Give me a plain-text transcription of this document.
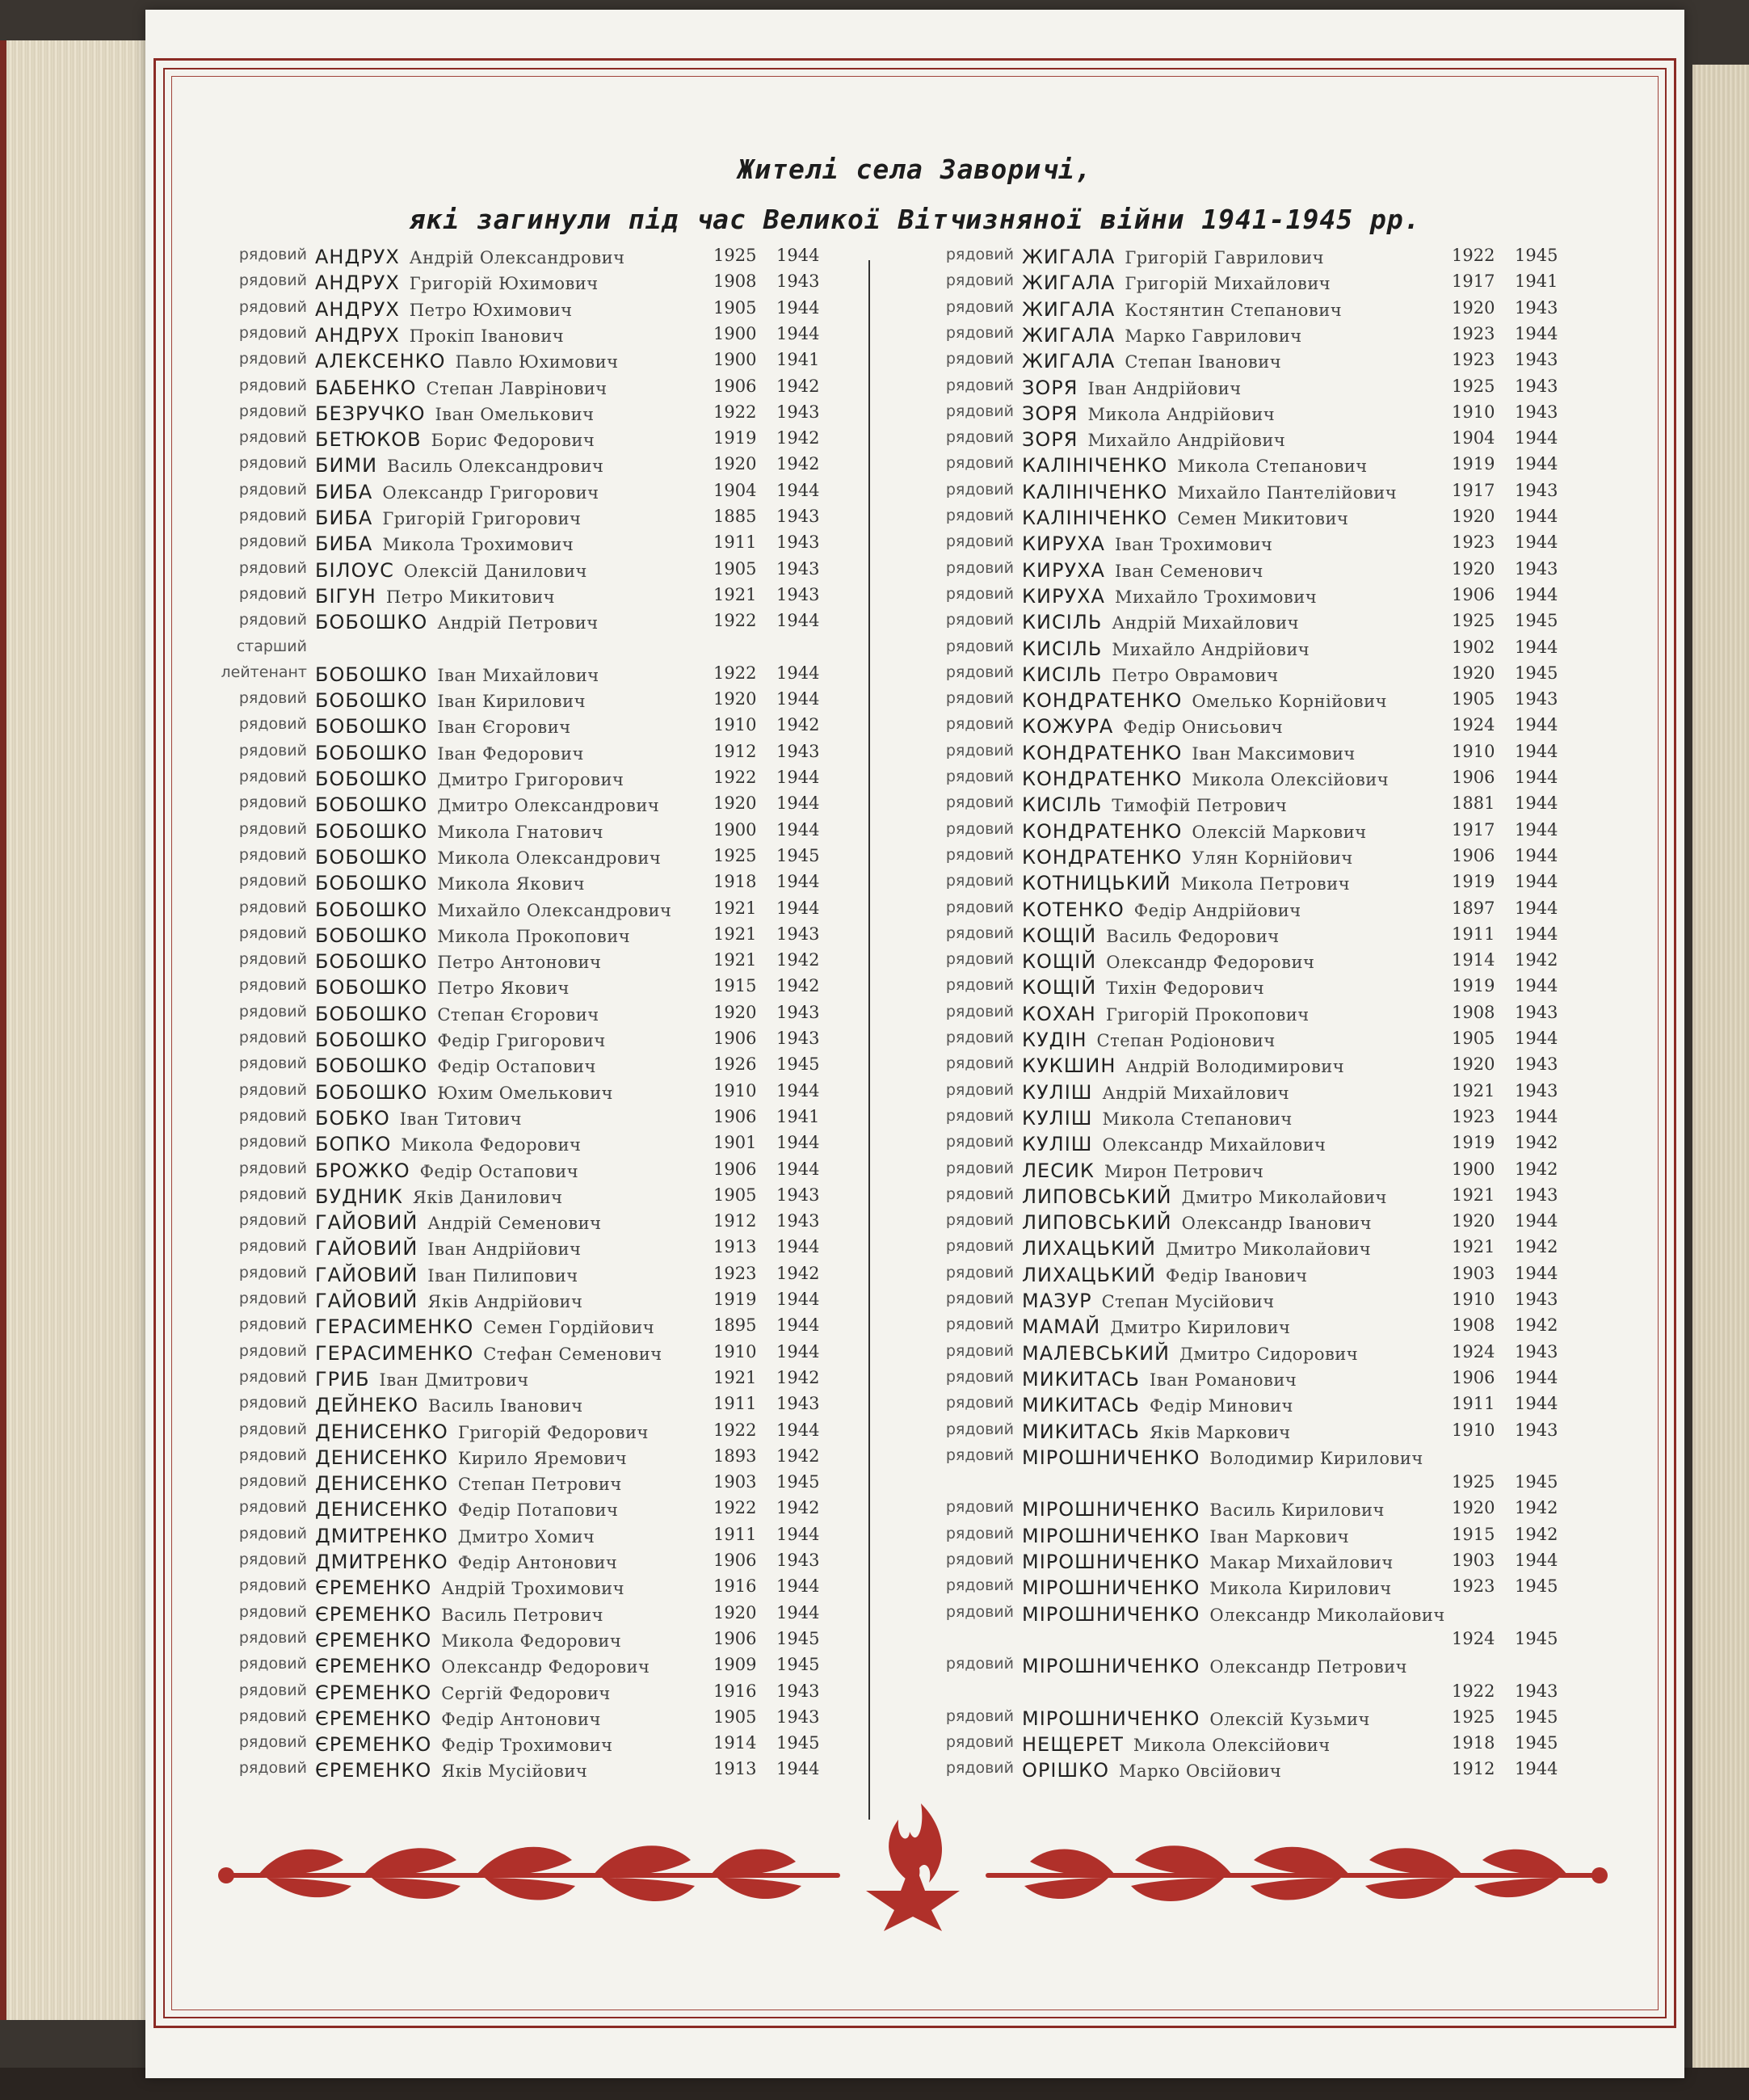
Жителі села Заворичі,
які загинули під час Великої Вітчизняної війни 1941-1945 рр.
рядовий АНДРУХ Андрій Олександрович	1925 1944
рядовий АНДРУХ Григорій Юхимович	1908 1943
рядовий АНДРУХ Петро Юхимович	1905 1944
рядовий АНДРУХ Прокіп Іванович	1900 1944
рядовий АЛЕКСЕНКО Павло Юхимович	1900 1941
рядовий БАБЕНКО Степан Лаврінович	1906 1942
рядовий БЕЗРУЧКО Іван Омелькович	1922 1943
рядовий БЕТЮКОВ Борис Федорович	1919 1942
рядовий БИМИ Василь Олександрович	1920 1942
рядовий БИБА Олександр Григорович	1904 1944
рядовий БИБА Григорій Григорович	1885 1943
рядовий БИБА Микола Трохимович	1911 1943
рядовий БІЛОУС Олексій Данилович	1905 1943
рядовий БІГУН Петро Микитович	1921 1943
рядовий БОБОШКО Андрій Петрович	1922 1944
старший
лейтенант БОБОШКО Іван Михайлович	1922 1944
рядовий БОБОШКО Іван Кирилович	1920 1944
рядовий БОБОШКО Іван Єгорович	1910 1942
рядовий БОБОШКО Іван Федорович	1912 1943
рядовий БОБОШКО Дмитро Григорович	1922 1944
рядовий БОБОШКО Дмитро Олександрович	1920 1944
рядовий БОБОШКО Микола Гнатович	1900 1944
рядовий БОБОШКО Микола Олександрович	1925 1945
рядовий БОБОШКО Микола Якович	1918 1944
рядовий БОБОШКО Михайло Олександрович 1921 1944
рядовий БОБОШКО Микола Прокопович	1921 1943
рядовий БОБОШКО Петро Антонович	1921 1942
рядовий БОБОШКО Петро Якович	1915 1942
рядовий БОБОШКО Степан Єгорович	1920 1943
рядовий БОБОШКО Федір Григорович	1906 1943
рядовий БОБОШКО Федір Остапович	1926 1945
рядовий БОБОШКО Юхим Омелькович	1910 1944
рядовий БОБКО Іван Титович	1906 1941
рядовий БОПКО Микола Федорович	1901 1944
рядовий БРОЖКО Федір Остапович	1906 1944
рядовий БУДНИК Яків Данилович	1905 1943
рядовий ГАЙОВИЙ Андрій Семенович	1912 1943
рядовий ГАЙОВИЙ Іван Андрійович	1913 1944
рядовий ГАЙОВИЙ Іван Пилипович	1923 1942
рядовий ГАЙОВИЙ Яків Андрійович	1919 1944
рядовий ГЕРАСИМЕНКО Семен Гордійович	1895 1944
рядовий ГЕРАСИМЕНКО Стефан Семенович	1910 1944
рядовий ГРИБ Іван Дмитрович	1921 1942
рядовий ДЕЙНЕКО Василь Іванович	1911 1943
рядовий ДЕНИСЕНКО Григорій Федорович	1922 1944
рядовий ДЕНИСЕНКО Кирило Яремович	1893 1942
рядовий ДЕНИСЕНКО Степан Петрович	1903 1945
рядовий ДЕНИСЕНКО Федір Потапович	1922 1942
рядовий ДМИТРЕНКО Дмитро Хомич	1911 1944
рядовий ДМИТРЕНКО Федір Антонович	1906 1943
рядовий ЄРЕМЕНКО Андрій Трохимович	1916 1944
рядовий ЄРЕМЕНКО Василь Петрович	1920 1944
рядовий ЄРЕМЕНКО Микола Федорович	1906 1945
рядовий ЄРЕМЕНКО Олександр Федорович	1909 1945
рядовий ЄРЕМЕНКО Сергій Федорович	1916 1943
рядовий ЄРЕМЕНКО Федір Антонович	1905 1943
рядовий ЄРЕМЕНКО Федір Трохимович	1914 1945
рядовий ЄРЕМЕНКО Яків Мусійович	1913 1944
рядовий ЖИГАЛА Григорій Гаврилович	1922 1945
рядовий ЖИГАЛА Григорій Михайлович	1917 1941
рядовий ЖИГАЛА Костянтин Степанович	1920 1943
рядовий ЖИГАЛА Марко Гаврилович	1923 1944
рядовий ЖИГАЛА Степан Іванович	1923 1943
рядовий ЗОРЯ Іван Андрійович	1925 1943
рядовий ЗОРЯ Микола Андрійович	1910 1943
рядовий ЗОРЯ Михайло Андрійович	1904 1944
рядовий КАЛІНІЧЕНКО Микола Степанович	1919 1944
рядовий КАЛІНІЧЕНКО Михайло Пантелійович	1917 1943
рядовий КАЛІНІЧЕНКО Семен Микитович	1920 1944
рядовий КИРУХА Іван Трохимович	1923 1944
рядовий КИРУХА Іван Семенович	1920 1943
рядовий КИРУХА Михайло Трохимович	1906 1944
рядовий КИСІЛЬ Андрій Михайлович	1925 1945
рядовий КИСІЛЬ Михайло Андрійович	1902 1944
рядовий КИСІЛЬ Петро Оврамович	1920 1945
рядовий КОНДРАТЕНКО Омелько Корнійович	1905 1943
рядовий КОЖУРА Федір Онисьович	1924 1944
рядовий КОНДРАТЕНКО Іван Максимович	1910 1944
рядовий КОНДРАТЕНКО Микола Олексійович	1906 1944
рядовий КИСІЛЬ Тимофій Петрович	1881 1944
рядовий КОНДРАТЕНКО Олексій Маркович	1917 1944
рядовий КОНДРАТЕНКО Улян Корнійович	1906 1944
рядовий КОТНИЦЬКИЙ Микола Петрович	1919 1944
рядовий КОТЕНКО Федір Андрійович	1897 1944
рядовий КОЩІЙ Василь Федорович	1911 1944
рядовий КОЩІЙ Олександр Федорович	1914 1942
рядовий КОЩІЙ Тихін Федорович	1919 1944
рядовий КОХАН Григорій Прокопович	1908 1943
рядовий КУДІН Степан Родіонович	1905 1944
рядовий КУКШИН Андрій Володимирович	1920 1943
рядовий КУЛІШ Андрій Михайлович	1921 1943
рядовий КУЛІШ Микола Степанович	1923 1944
рядовий КУЛІШ Олександр Михайлович	1919 1942
рядовий ЛЕСИК Мирон Петрович	1900 1942
рядовий ЛИПОВСЬКИЙ Дмитро Миколайович	1921 1943
рядовий ЛИПОВСЬКИЙ Олександр Іванович	1920 1944
рядовий ЛИХАЦЬКИЙ Дмитро Миколайович	1921 1942
рядовий ЛИХАЦЬКИЙ Федір Іванович	1903 1944
рядовий МАЗУР Степан Мусійович	1910 1943
рядовий МАМАЙ Дмитро Кирилович	1908 1942
рядовий МАЛЕВСЬКИЙ Дмитро Сидорович	1924 1943
рядовий МИКИТАСЬ Іван Романович	1906 1944
рядовий МИКИТАСЬ Федір Минович	1911 1944
рядовий МИКИТАСЬ Яків Маркович	1910 1943
рядовий МІРОШНИЧЕНКО Володимир Кирилович
1925 1945
рядовий МІРОШНИЧЕНКО Василь Кирилович	1920 1942
рядовий МІРОШНИЧЕНКО Іван Маркович	1915 1942
рядовий МІРОШНИЧЕНКО Макар Михайлович	1903 1944
рядовий МІРОШНИЧЕНКО Микола Кирилович	1923 1945
рядовий МІРОШНИЧЕНКО Олександр Миколайович
1924 1945
рядовий МІРОШНИЧЕНКО Олександр Петрович
1922 1943
рядовий МІРОШНИЧЕНКО Олексій Кузьмич	1925 1945
рядовий НЕЩЕРЕТ Микола Олексійович	1918 1945
рядовий ОРІШКО Марко Овсійович	1912 1944
